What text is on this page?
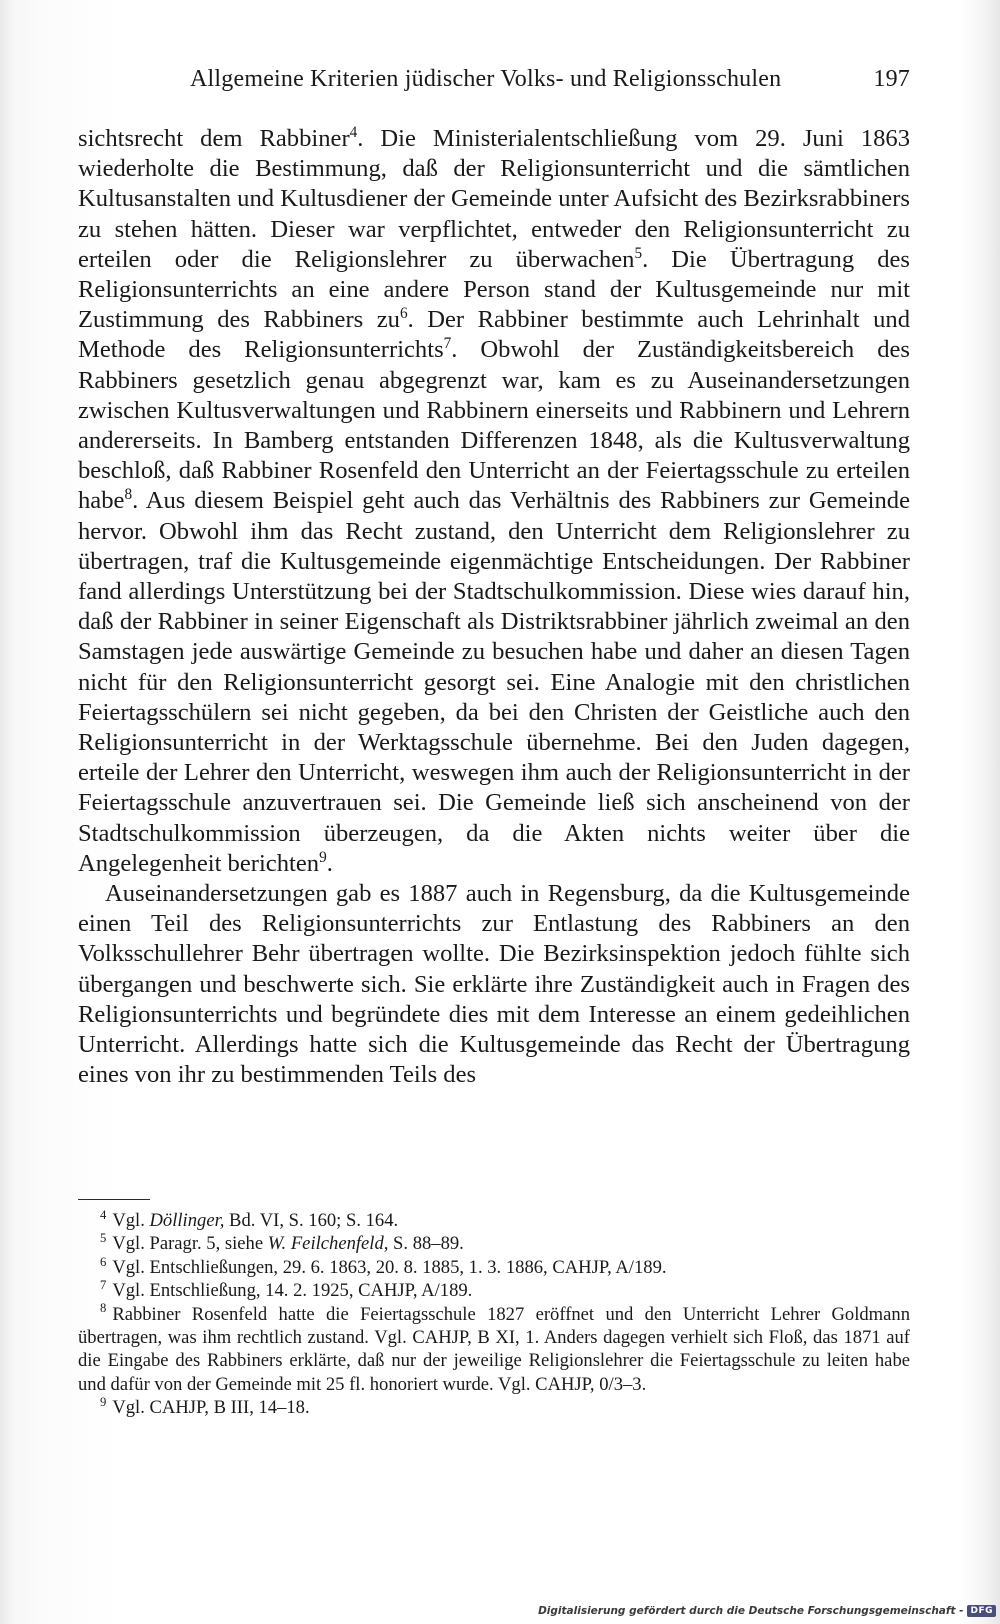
Allgemeine Kriterien jüdischer Volks- und Religionsschulen	197

sichtsrecht dem Rabbiner$^4$. Die Ministerialentschließung vom 29. Juni 1863 wiederholte die Bestimmung, daß der Religionsunterricht und die sämtlichen Kultusanstalten und Kultusdiener der Gemeinde unter Aufsicht des Bezirksrabbiners zu stehen hätten. Dieser war verpflichtet, entweder den Religionsunterricht zu erteilen oder die Religionslehrer zu überwachen$^5$. Die Übertragung des Religionsunterrichts an eine andere Person stand der Kultusgemeinde nur mit Zustimmung des Rabbiners $zu^6$. Der Rabbiner bestimmte auch Lehrinhalt und Methode des Religionsunterrichts$^7$. Obwohl der Zuständigkeitsbereich des Rabbiners gesetzlich genau abgegrenzt war, kam es zu Auseinandersetzungen zwischen Kultusverwaltungen und Rabbinern einerseits und Rabbinern und Lehrern andererseits. In Bamberg entstanden Differenzen 1848, als die Kultusverwaltung beschloß, daß Rabbiner Rosenfeld den Unterricht an der Feiertagsschule zu erteilen habe$^8$. Aus diesem Beispiel geht auch das Verhältnis des Rabbiners zur Gemeinde hervor. Obwohl ihm das Recht zustand, den Unterricht dem Religionslehrer zu übertragen, traf die Kultusgemeinde eigenmächtige Entscheidungen. Der Rabbiner fand allerdings Unterstützung bei der Stadtschulkommission. Diese wies darauf hin, daß der Rabbiner in seiner Eigenschaft als Distriktsrabbiner jährlich zweimal an den Samstagen jede auswärtige Gemeinde zu besuchen habe und daher an diesen Tagen nicht für den Religionsunterricht gesorgt sei. Eine Analogie mit den christlichen Feiertagsschülern sei nicht gegeben, da bei den Christen der Geistliche auch den Religionsunterricht in der Werktagsschule übernehme. Bei den Juden dagegen, erteile der Lehrer den Unterricht, weswegen ihm auch der Religionsunterricht in der Feiertagsschule anzuvertrauen sei. Die Gemeinde ließ sich anscheinend von der Stadtschulkommission überzeugen, da die Akten nichts weiter über die Angelegenheit berichten$^9$.

Auseinandersetzungen gab es 1887 auch in Regensburg, da die Kultusgemeinde einen Teil des Religionsunterrichts zur Entlastung des Rabbiners an den Volksschullehrer Behr übertragen wollte. Die Bezirksinspektion jedoch fühlte sich übergangen und beschwerte sich. Sie erklärte ihre Zuständigkeit auch in Fragen des Religionsunterrichts und begründete dies mit dem Interesse an einem gedeihlichen Unterricht. Allerdings hatte sich die Kultusgemeinde das Recht der Übertragung eines von ihr zu bestimmenden Teils des

$^4$ Vgl. Döllinger, Bd. VI, S. 160; S. 164.

$^5$ Vgl. Paragr. 5, siehe W. Feilchenfeld, S. 88–89.

$^6$ Vgl. Entschließungen, 29. 6. 1863, 20. 8. 1885, 1. 3. 1886, CAHJP, A/189.

$^7$ Vgl. Entschließung, 14. 2. 1925, CAHJP, A/189.

$^8$ Rabbiner Rosenfeld hatte die Feiertagsschule 1827 eröffnet und den Unterricht Lehrer Goldmann übertragen, was ihm rechtlich zustand. Vgl. CAHJP, B XI, 1. Anders dagegen verhielt sich Floß, das 1871 auf die Eingabe des Rabbiners erklärte, daß nur der jeweilige Religionslehrer die Feiertagsschule zu leiten habe und dafür von der Gemeinde mit 25 fl. honoriert wurde. Vgl. CAHJP, 0/3–3.

$^9$ Vgl. CAHJP, B III, 14–18.

Digitalisierung gefördert durch die Deutsche Forschungsgemeinschaft - DFG
